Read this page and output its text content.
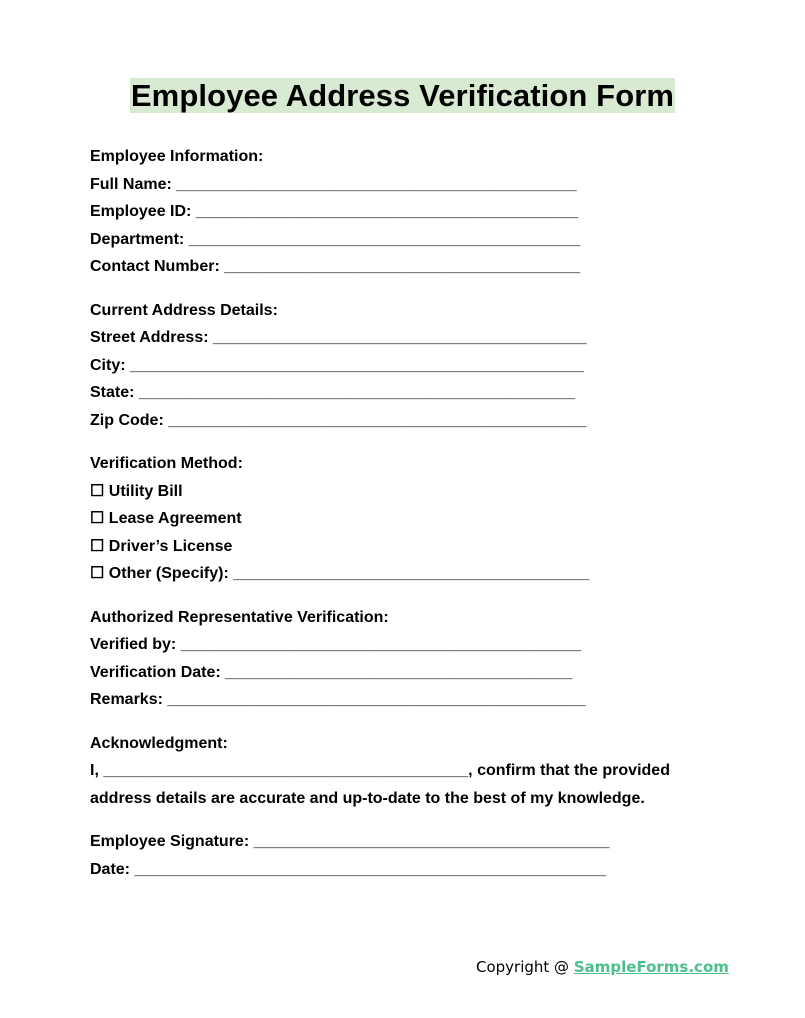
Employee Address Verification Form
Employee Information:
Full Name: _____________________________________________
Employee ID: ___________________________________________
Department: ____________________________________________
Contact Number: ________________________________________
Current Address Details:
Street Address: __________________________________________
City: ___________________________________________________
State: _________________________________________________
Zip Code: _______________________________________________
Verification Method:
☐ Utility Bill
☐ Lease Agreement
☐ Driver’s License
☐ Other (Specify): ________________________________________
Authorized Representative Verification:
Verified by: _____________________________________________
Verification Date: _______________________________________
Remarks: _______________________________________________
Acknowledgment:

I, _________________________________________, confirm that the provided address details are accurate and up-to-date to the best of my knowledge.

Employee Signature: ________________________________________
Date: _____________________________________________________
Copyright @ SampleForms.com
